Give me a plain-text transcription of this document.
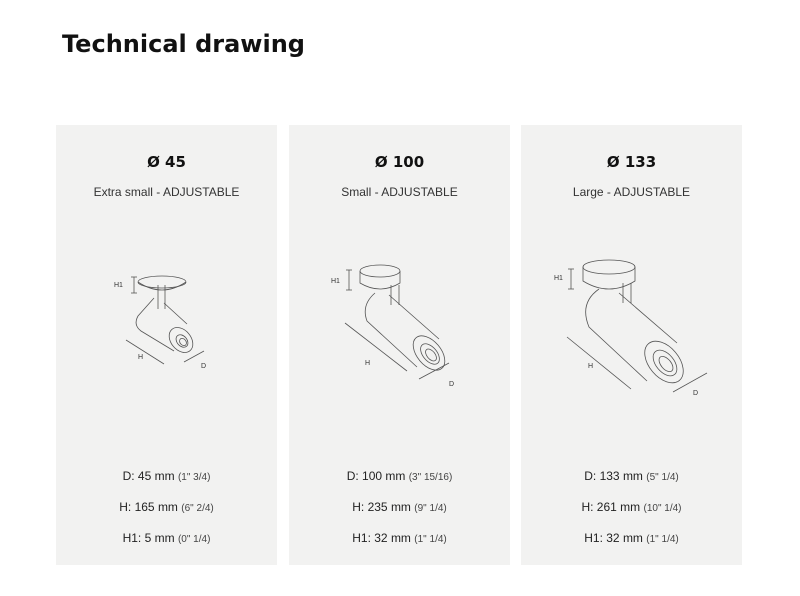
Technical drawing
Ø 45
Extra small - ADJUSTABLE
H1
H
D
D: 45 mm (1" 3/4)
H: 165 mm (6" 2/4)
H1: 5 mm (0" 1/4)
Ø 100
Small - ADJUSTABLE
H1
H
D
D: 100 mm (3" 15/16)
H: 235 mm (9" 1/4)
H1: 32 mm (1" 1/4)
Ø 133
Large - ADJUSTABLE
H1
H
D
D: 133 mm (5" 1/4)
H: 261 mm (10" 1/4)
H1: 32 mm (1" 1/4)
